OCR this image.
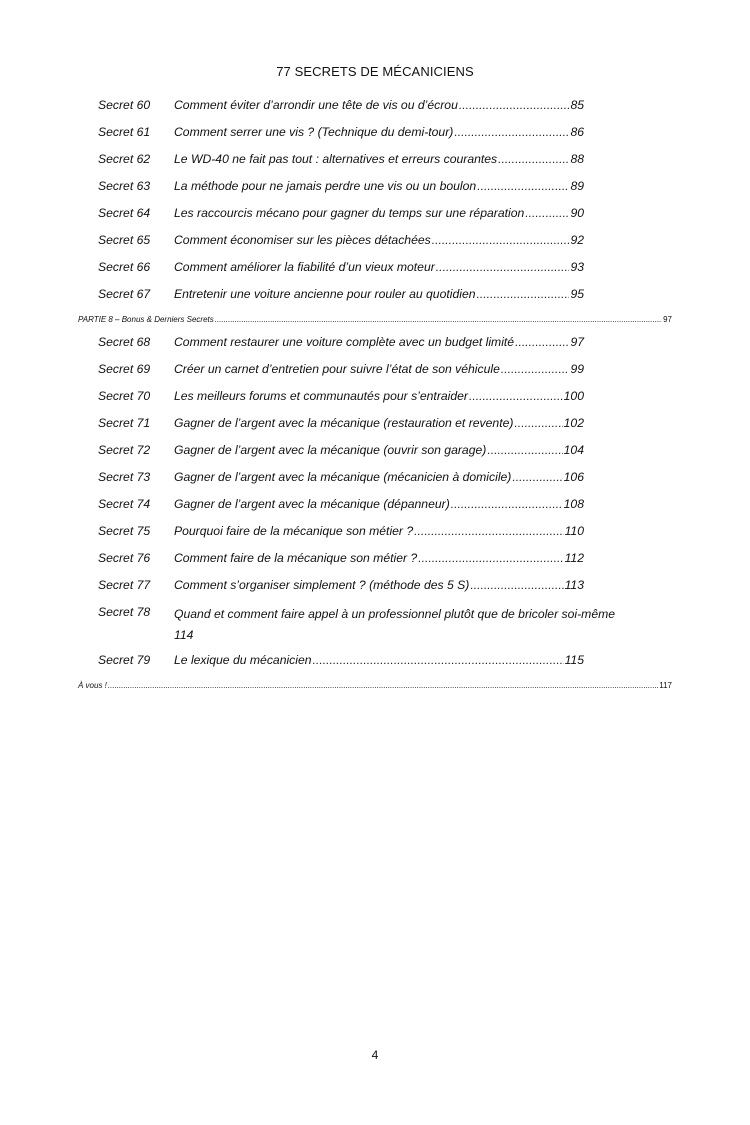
77 SECRETS DE MÉCANICIENS
Secret 60 Comment éviter d’arrondir une tête de vis ou d’écrou .....	85
Secret 61 Comment serrer une vis ? (Technique du demi-tour) .....	86
Secret 62 Le WD-40 ne fait pas tout : alternatives et erreurs courantes .....	88
Secret 63 La méthode pour ne jamais perdre une vis ou un boulon .....	89
Secret 64 Les raccourcis mécano pour gagner du temps sur une réparation .....	90
Secret 65 Comment économiser sur les pièces détachées .....	92
Secret 66 Comment améliorer la fiabilité d’un vieux moteur .....	93
Secret 67 Entretenir une voiture ancienne pour rouler au quotidien .....	95
PARTIE 8 – Bonus & Derniers Secrets .....	97
Secret 68 Comment restaurer une voiture complète avec un budget limité .....	97
Secret 69 Créer un carnet d’entretien pour suivre l’état de son véhicule .....	99
Secret 70 Les meilleurs forums et communautés pour s’entraider .....	100
Secret 71 Gagner de l’argent avec la mécanique (restauration et revente) .....	102
Secret 72 Gagner de l’argent avec la mécanique (ouvrir son garage) .....	104
Secret 73 Gagner de l’argent avec la mécanique (mécanicien à domicile) .....	106
Secret 74 Gagner de l’argent avec la mécanique (dépanneur) .....	108
Secret 75 Pourquoi faire de la mécanique son métier ? .....	110
Secret 76 Comment faire de la mécanique son métier ? .....	112
Secret 77 Comment s’organiser simplement ? (méthode des 5 S) .....	113
Secret 78 Quand et comment faire appel à un professionnel plutôt que de bricoler soi-même
114
Secret 79 Le lexique du mécanicien .....	115
À vous ! .....	117
4
